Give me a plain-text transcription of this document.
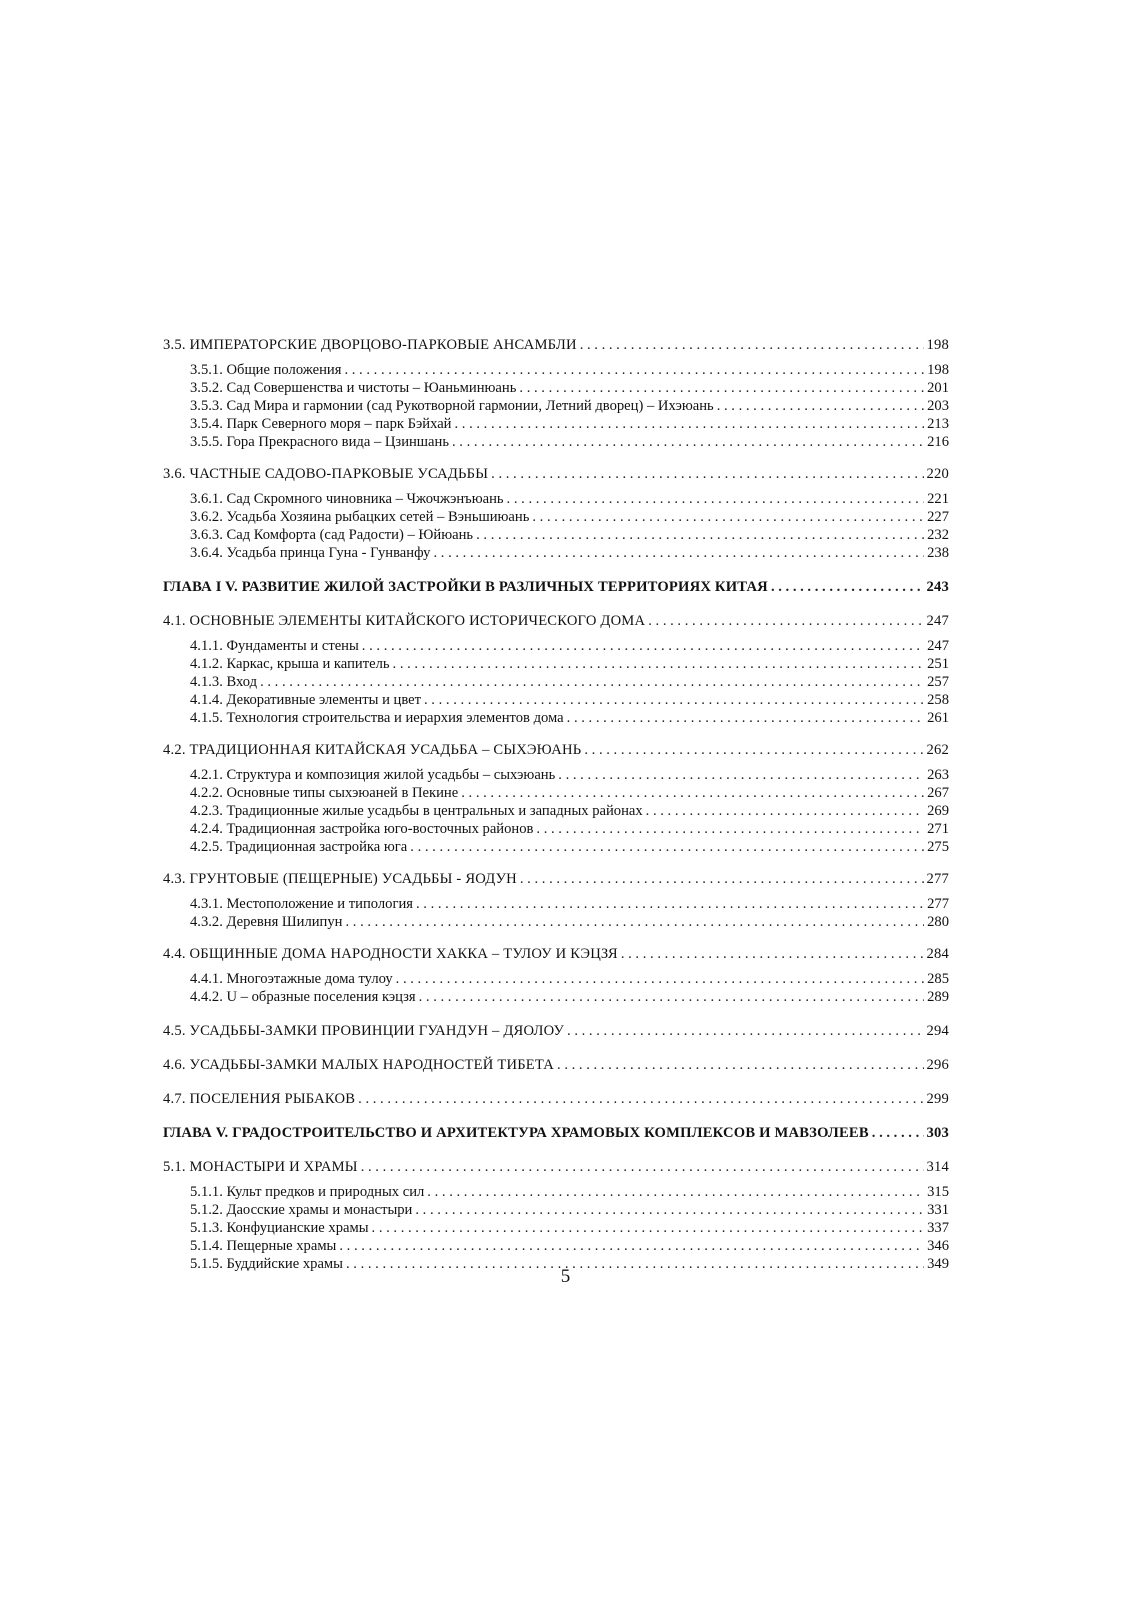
3.5. ИМПЕРАТОРСКИЕ ДВОРЦОВО-ПАРКОВЫЕ АНСАМБЛИ . . .	198
3.5.1. Общие положения . . .	198
3.5.2. Сад Совершенства и чистоты – Юаньминюань . . .	201
3.5.3. Сад Мира и гармонии (сад Рукотворной гармонии, Летний дворец) – Ихэюань . . .	203
3.5.4. Парк Северного моря – парк Бэйхай . . .	213
3.5.5. Гора Прекрасного вида – Цзиншань . . .	216
3.6. ЧАСТНЫЕ САДОВО-ПАРКОВЫЕ УСАДЬБЫ . . .	220
3.6.1. Сад Скромного чиновника – Чжочжэнъюань . . .	221
3.6.2. Усадьба Хозяина рыбацких сетей – Вэньшиюань . . .	227
3.6.3. Сад Комфорта (сад Радости) – Юйюань . . .	232
3.6.4. Усадьба принца Гуна - Гунванфу . . .	238
ГЛАВА I V. РАЗВИТИЕ ЖИЛОЙ ЗАСТРОЙКИ В РАЗЛИЧНЫХ ТЕРРИТОРИЯХ КИТАЯ . . .	243
4.1. ОСНОВНЫЕ ЭЛЕМЕНТЫ КИТАЙСКОГО ИСТОРИЧЕСКОГО ДОМА . . .	247
4.1.1. Фундаменты и стены . . .	247
4.1.2. Каркас, крыша и капитель . . .	251
4.1.3. Вход . . .	257
4.1.4. Декоративные элементы и цвет . . .	258
4.1.5. Технология строительства и иерархия элементов дома . . .	261
4.2. ТРАДИЦИОННАЯ КИТАЙСКАЯ УСАДЬБА – СЫХЭЮАНЬ . . .	262
4.2.1. Структура и композиция жилой усадьбы – сыхэюань . . .	263
4.2.2. Основные типы сыхэюаней в Пекине . . .	267
4.2.3. Традиционные жилые усадьбы в центральных и западных районах . . .	269
4.2.4. Традиционная застройка юго-восточных районов . . .	271
4.2.5. Традиционная застройка юга . . .	275
4.3. ГРУНТОВЫЕ (ПЕЩЕРНЫЕ) УСАДЬБЫ - ЯОДУН . . .	277
4.3.1. Местоположение и типология . . .	277
4.3.2. Деревня Шилипун . . .	280
4.4. ОБЩИННЫЕ ДОМА НАРОДНОСТИ ХАККА – ТУЛОУ И КЭЦЗЯ . . .	284
4.4.1. Многоэтажные дома тулоу . . .	285
4.4.2. U – образные поселения кэцзя . . .	289
4.5. УСАДЬБЫ-ЗАМКИ ПРОВИНЦИИ ГУАНДУН – ДЯОЛОУ . . .	294
4.6. УСАДЬБЫ-ЗАМКИ МАЛЫХ НАРОДНОСТЕЙ ТИБЕТА . . .	296
4.7. ПОСЕЛЕНИЯ РЫБАКОВ . . .	299
ГЛАВА V. ГРАДОСТРОИТЕЛЬСТВО И АРХИТЕКТУРА ХРАМОВЫХ КОМПЛЕКСОВ И МАВЗОЛЕЕВ . . .	303
5.1. МОНАСТЫРИ И ХРАМЫ . . .	314
5.1.1. Культ предков и природных сил . . .	315
5.1.2. Даосские храмы и монастыри . . .	331
5.1.3. Конфуцианские храмы . . .	337
5.1.4. Пещерные храмы . . .	346
5.1.5. Буддийские храмы . . .	349
5
